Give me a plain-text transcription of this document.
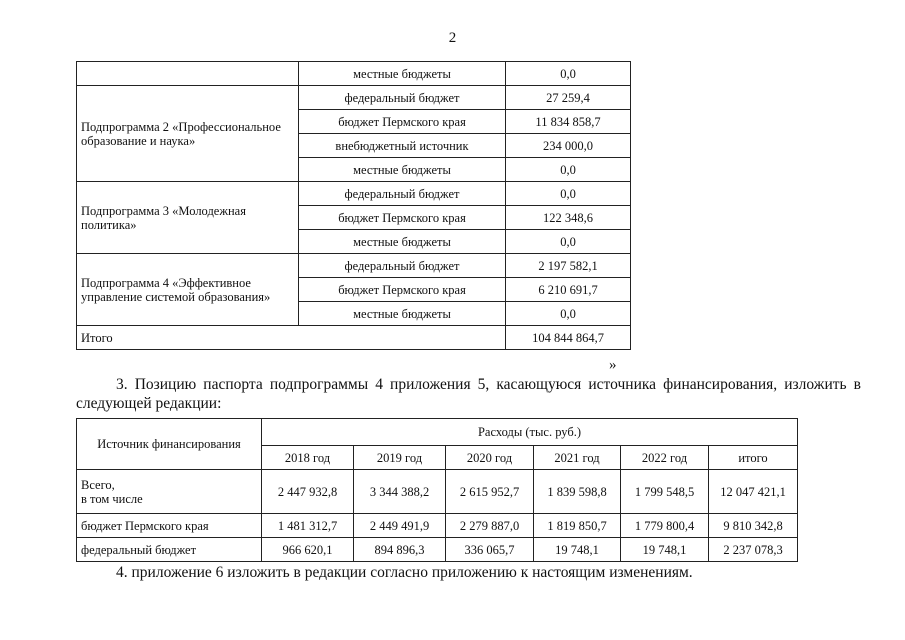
2
	местные бюджеты	0,0
Подпрограмма 2 «Профессиональное образование и наука»	федеральный бюджет	27 259,4
	бюджет Пермского края	11 834 858,7
	внебюджетный источник	234 000,0
	местные бюджеты	0,0
Подпрограмма 3 «Молодежная политика»	федеральный бюджет	0,0
	бюджет Пермского края	122 348,6
	местные бюджеты	0,0
Подпрограмма 4 «Эффективное управление системой образования»	федеральный бюджет	2 197 582,1
	бюджет Пермского края	6 210 691,7
	местные бюджеты	0,0
Итого		104 844 864,7
»
3. Позицию паспорта подпрограммы 4 приложения 5, касающуюся источника финансирования, изложить в следующей редакции:
Источник финансирования	Расходы (тыс. руб.)					
	2018 год	2019 год	2020 год	2021 год	2022 год	итого
Всего,
в том числе	2 447 932,8	3 344 388,2	2 615 952,7	1 839 598,8	1 799 548,5	12 047 421,1
бюджет Пермского края	1 481 312,7	2 449 491,9	2 279 887,0	1 819 850,7	1 779 800,4	9 810 342,8
федеральный бюджет	966 620,1	894 896,3	336 065,7	19 748,1	19 748,1	2 237 078,3
4. приложение 6 изложить в редакции согласно приложению к настоящим изменениям.
